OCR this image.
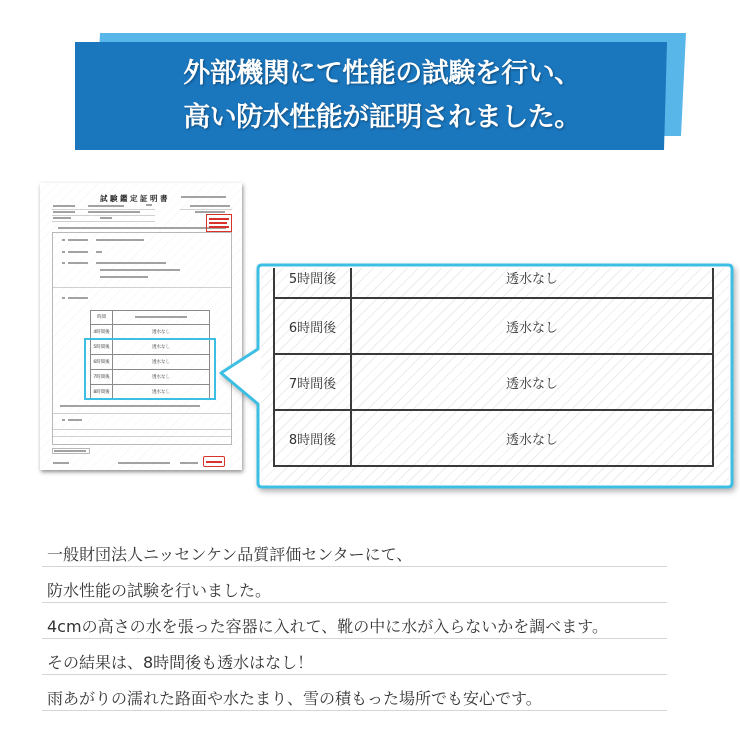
外部機関にて性能の試験を行い、
高い防水性能が証明されました。
試験鑑定証明書
時間	
4時間後	透水なし
5時間後	透水なし
6時間後	透水なし
7時間後	透水なし
8時間後	透水なし
5時間後	透水なし
6時間後	透水なし
7時間後	透水なし
8時間後	透水なし
一般財団法人ニッセンケン品質評価センターにて、
防水性能の試験を行いました。
4cmの高さの水を張った容器に入れて、靴の中に水が入らないかを調べます。
その結果は、8時間後も透水はなし！
雨あがりの濡れた路面や水たまり、雪の積もった場所でも安心です。
